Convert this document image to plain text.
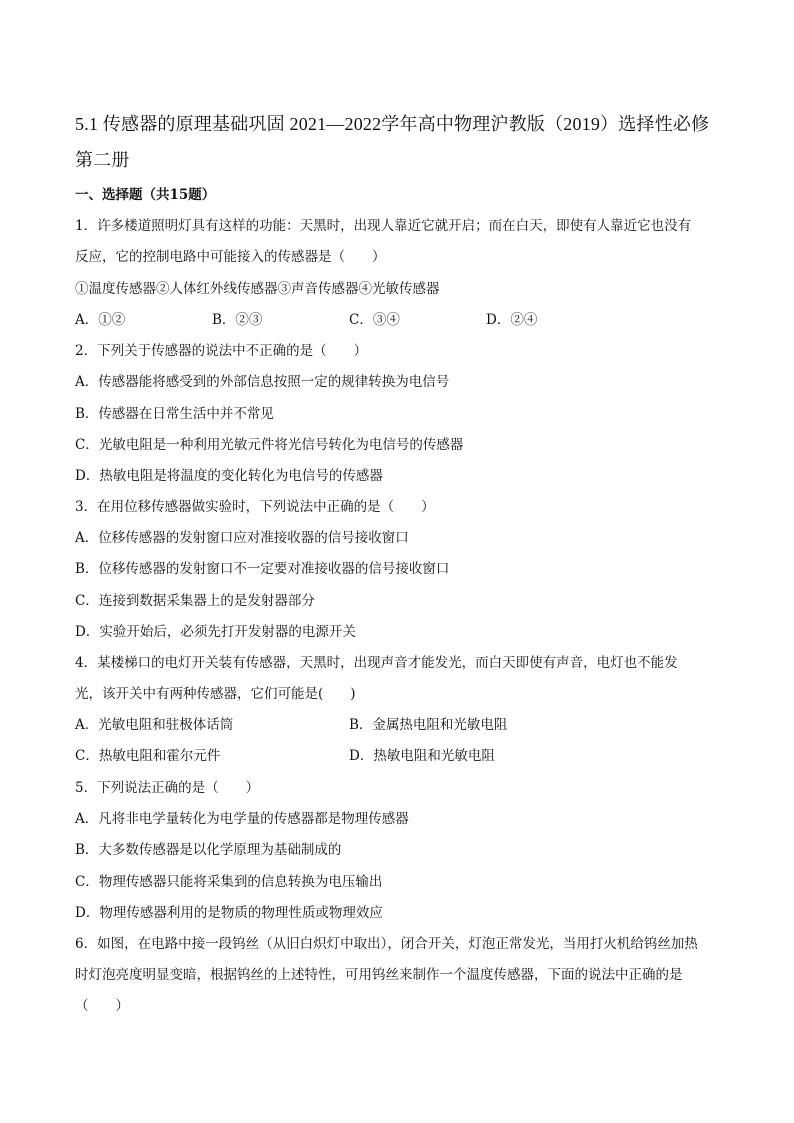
5.1 传感器的原理基础巩固 2021—2022学年高中物理沪教版（2019）选择性必修第二册
一、选择题（共15题）
1．许多楼道照明灯具有这样的功能：天黑时，出现人靠近它就开启；而在白天，即使有人靠近它也没有
反应，它的控制电路中可能接入的传感器是（　　）
①温度传感器②人体红外线传感器③声音传感器④光敏传感器
A．①②	B．②③	C．③④	D．②④
2．下列关于传感器的说法中不正确的是（　　）
A．传感器能将感受到的外部信息按照一定的规律转换为电信号
B．传感器在日常生活中并不常见
C．光敏电阻是一种利用光敏元件将光信号转化为电信号的传感器
D．热敏电阻是将温度的变化转化为电信号的传感器
3．在用位移传感器做实验时，下列说法中正确的是（　　）
A．位移传感器的发射窗口应对准接收器的信号接收窗口
B．位移传感器的发射窗口不一定要对准接收器的信号接收窗口
C．连接到数据采集器上的是发射器部分
D．实验开始后，必须先打开发射器的电源开关
4．某楼梯口的电灯开关装有传感器，天黑时，出现声音才能发光，而白天即使有声音，电灯也不能发
光，该开关中有两种传感器，它们可能是(　　)
A．光敏电阻和驻极体话筒	B．金属热电阻和光敏电阻
C．热敏电阻和霍尔元件	D．热敏电阻和光敏电阻
5．下列说法正确的是（　　）
A．凡将非电学量转化为电学量的传感器都是物理传感器
B．大多数传感器是以化学原理为基础制成的
C．物理传感器只能将采集到的信息转换为电压输出
D．物理传感器利用的是物质的物理性质或物理效应
6．如图，在电路中接一段钨丝（从旧白炽灯中取出），闭合开关，灯泡正常发光，当用打火机给钨丝加热
时灯泡亮度明显变暗，根据钨丝的上述特性，可用钨丝来制作一个温度传感器，下面的说法中正确的是
（　　）
